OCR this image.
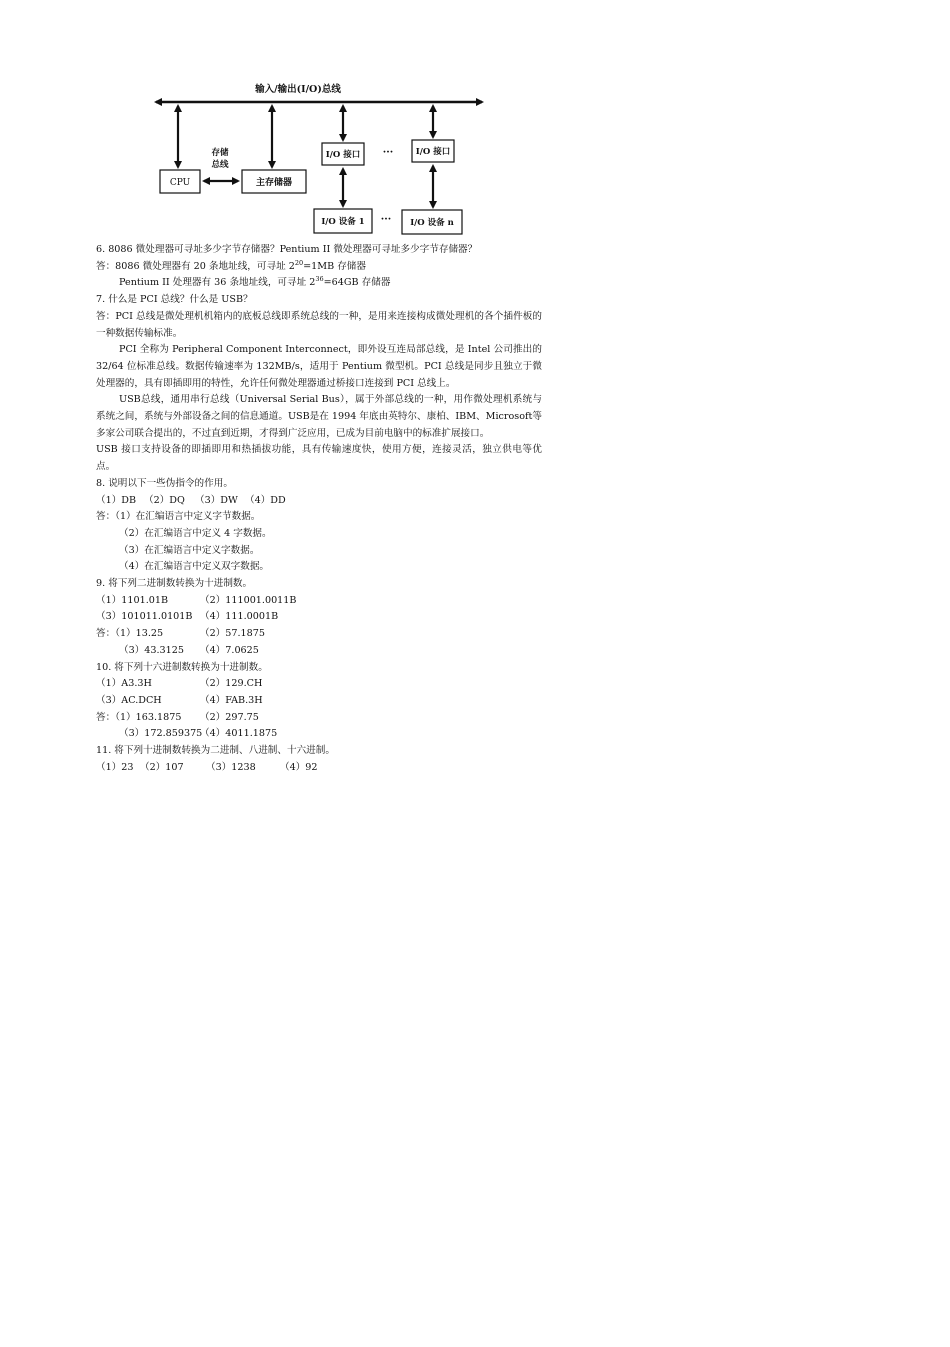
输入/输出(I/O)总线
CPU	主存储器
存储
总线
I/O 接口	I/O 接口
···
I/O 设备 1	I/O 设备 n
···
6. 8086 微处理器可寻址多少字节存储器？Pentium II 微处理器可寻址多少字节存储器？
答：8086 微处理器有 20 条地址线，可寻址 $2^{20}=1MB$ 存储器
Pentium II 处理器有 36 条地址线，可寻址 $2^{36}=64GB$ 存储器
7. 什么是 PCI 总线？什么是 USB？
答：PCI 总线是微处理机机箱内的底板总线即系统总线的一种，是用来连接构成微处理机的各个插件板的一种数据传输标准。
PCI 全称为 Peripheral Component Interconnect，即外设互连局部总线，是 Intel 公司推出的 32/64 位标准总线。数据传输速率为 132MB/s，适用于 Pentium 微型机。PCI 总线是同步且独立于微处理器的，具有即插即用的特性，允许任何微处理器通过桥接口连接到 PCI 总线上。
USB总线，通用串行总线（Universal Serial Bus），属于外部总线的一种，用作微处理机系统与系统之间，系统与外部设备之间的信息通道。USB是在 1994 年底由英特尔、康柏、IBM、Microsoft等多家公司联合提出的，不过直到近期，才得到广泛应用，已成为目前电脑中的标准扩展接口。
USB 接口支持设备的即插即用和热插拔功能，具有传输速度快，使用方便，连接灵活，独立供电等优点。
8. 说明以下一些伪指令的作用。
（1）DB （2）DQ	（3）DW （4）DD
答：（1）在汇编语言中定义字节数据。
（2）在汇编语言中定义 4 字数据。
（3）在汇编语言中定义字数据。
（4）在汇编语言中定义双字数据。
9. 将下列二进制数转换为十进制数。
（1）1101.01B	（2）111001.0011B
（3）101011.0101B （4）111.0001B
答：（1）13.25	（2）57.1875
（3）43.3125	（4）7.0625
10. 将下列十六进制数转换为十进制数。
（1）A3.3H	（2）129.CH
（3）AC.DCH	（4）FAB.3H
答：（1）163.1875	（2）297.75
（3）172.859375
（4）4011.1875
11. 将下列十进制数转换为二进制、八进制、十六进制。
（1）23 （2）107	（3）1238	（4）92
